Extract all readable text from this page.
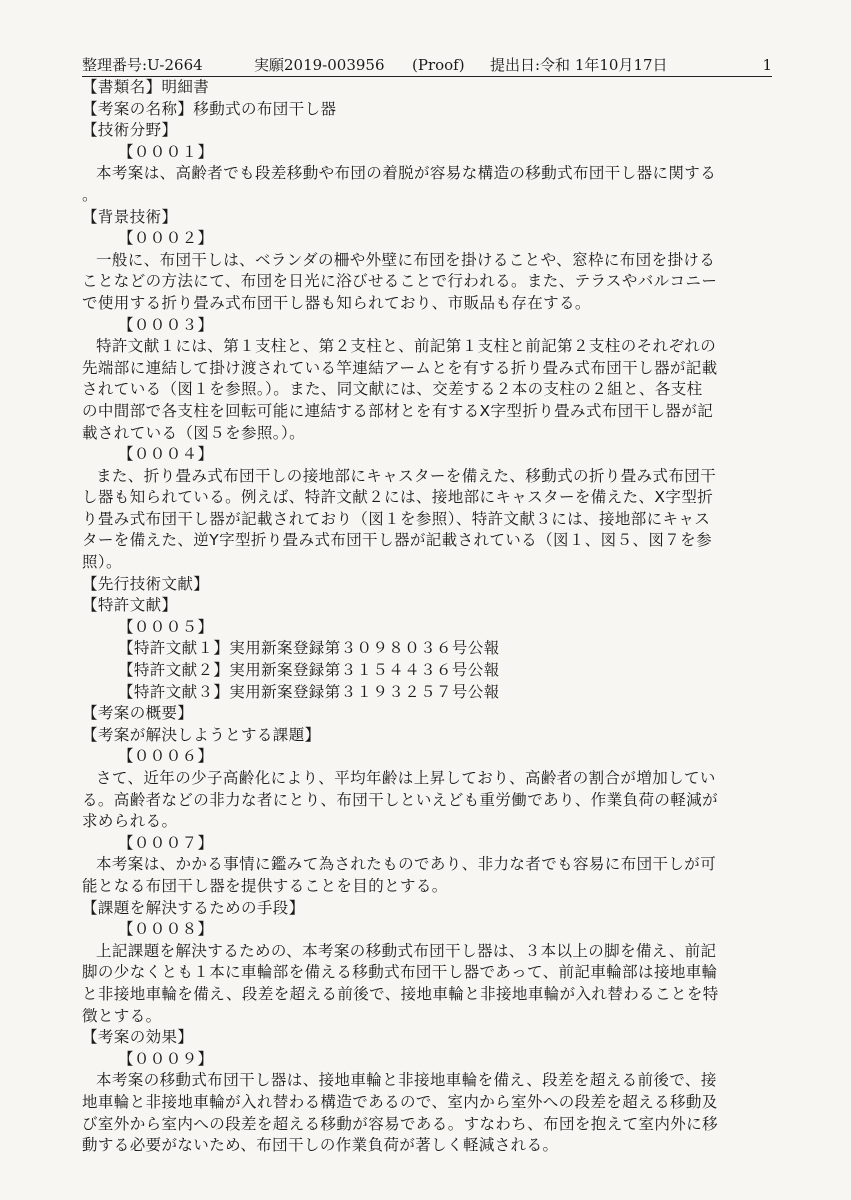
整理番号:U-2664	実願2019-003956 (Proof) 提出日:令和 1年10月17日	1
【書類名】明細書
【考案の名称】移動式の布団干し器
【技術分野】
【０００１】
本考案は、高齢者でも段差移動や布団の着脱が容易な構造の移動式布団干し器に関する
。
【背景技術】
【０００２】
一般に、布団干しは、ベランダの柵や外壁に布団を掛けることや、窓枠に布団を掛ける
ことなどの方法にて、布団を日光に浴びせることで行われる。また、テラスやバルコニー
で使用する折り畳み式布団干し器も知られており、市販品も存在する。
【０００３】
特許文献１には、第１支柱と、第２支柱と、前記第１支柱と前記第２支柱のそれぞれの
先端部に連結して掛け渡されている竿連結アームとを有する折り畳み式布団干し器が記載
されている（図１を参照。）。また、同文献には、交差する２本の支柱の２組と、各支柱
の中間部で各支柱を回転可能に連結する部材とを有するX字型折り畳み式布団干し器が記
載されている（図５を参照。）。
【０００４】
また、折り畳み式布団干しの接地部にキャスターを備えた、移動式の折り畳み式布団干
し器も知られている。例えば、特許文献２には、接地部にキャスターを備えた、X字型折
り畳み式布団干し器が記載されており（図１を参照）、特許文献３には、接地部にキャス
ターを備えた、逆Y字型折り畳み式布団干し器が記載されている（図１、図５、図７を参
照）。
【先行技術文献】
【特許文献】
【０００５】
【特許文献１】実用新案登録第３０９８０３６号公報
【特許文献２】実用新案登録第３１５４４３６号公報
【特許文献３】実用新案登録第３１９３２５７号公報
【考案の概要】
【考案が解決しようとする課題】
【０００６】
さて、近年の少子高齢化により、平均年齢は上昇しており、高齢者の割合が増加してい
る。高齢者などの非力な者にとり、布団干しといえども重労働であり、作業負荷の軽減が
求められる。
【０００７】
本考案は、かかる事情に鑑みて為されたものであり、非力な者でも容易に布団干しが可
能となる布団干し器を提供することを目的とする。
【課題を解決するための手段】
【０００８】
上記課題を解決するための、本考案の移動式布団干し器は、３本以上の脚を備え、前記
脚の少なくとも１本に車輪部を備える移動式布団干し器であって、前記車輪部は接地車輪
と非接地車輪を備え、段差を超える前後で、接地車輪と非接地車輪が入れ替わることを特
徴とする。
【考案の効果】
【０００９】
本考案の移動式布団干し器は、接地車輪と非接地車輪を備え、段差を超える前後で、接
地車輪と非接地車輪が入れ替わる構造であるので、室内から室外への段差を超える移動及
び室外から室内への段差を超える移動が容易である。すなわち、布団を抱えて室内外に移
動する必要がないため、布団干しの作業負荷が著しく軽減される。
